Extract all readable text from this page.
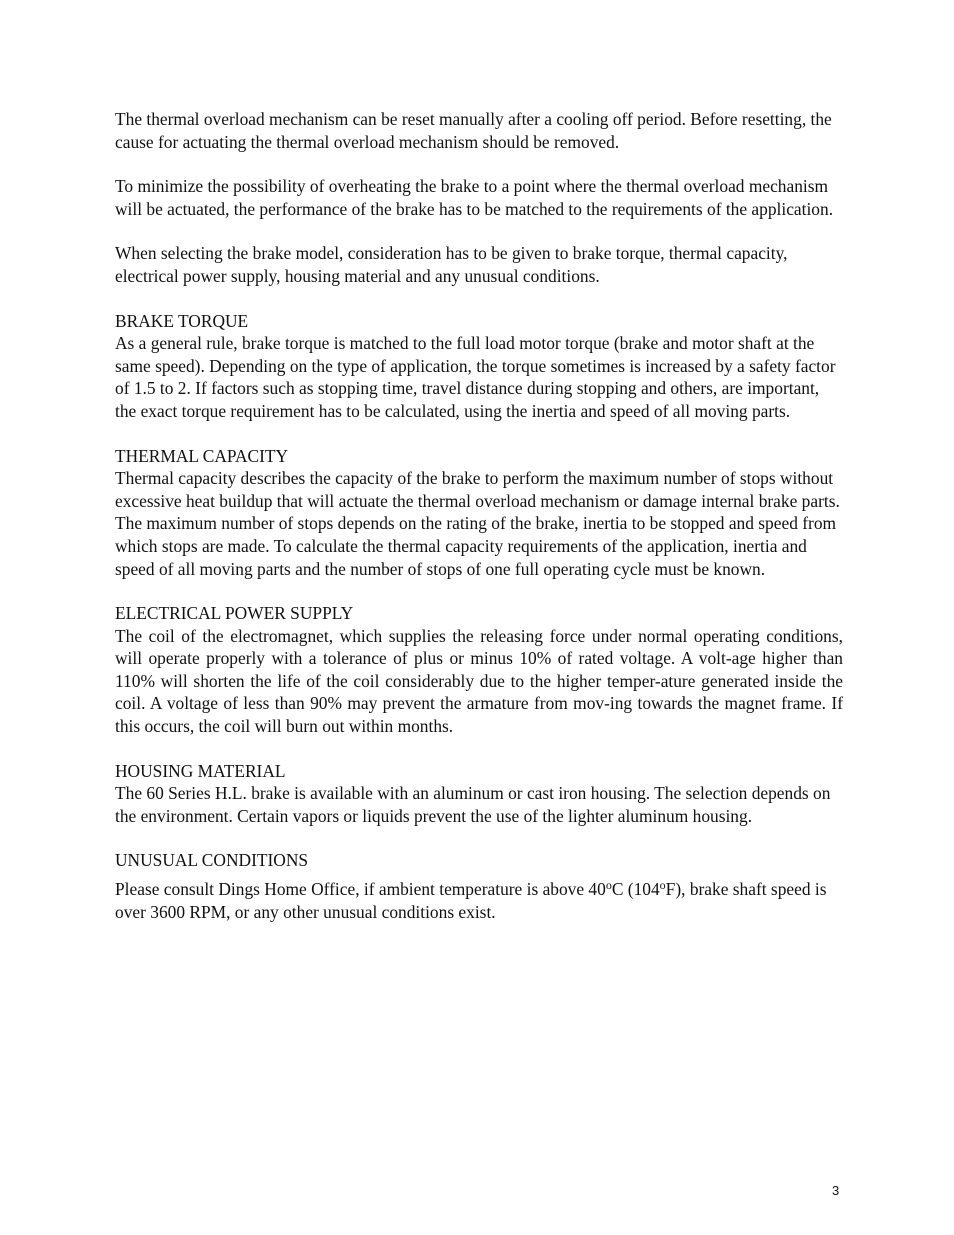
The thermal overload mechanism can be reset manually after a cooling off period. Before resetting, the cause for actuating the thermal overload mechanism should be removed.

To minimize the possibility of overheating the brake to a point where the thermal overload mechanism will be actuated, the performance of the brake has to be matched to the requirements of the application.

When selecting the brake model, consideration has to be given to brake torque, thermal capacity, electrical power supply, housing material and any unusual conditions.

BRAKE TORQUE

As a general rule, brake torque is matched to the full load motor torque (brake and motor shaft at the same speed). Depending on the type of application, the torque sometimes is increased by a safety factor of 1.5 to 2. If factors such as stopping time, travel distance during stopping and others, are important, the exact torque requirement has to be calculated, using the inertia and speed of all moving parts.

THERMAL CAPACITY

Thermal capacity describes the capacity of the brake to perform the maximum number of stops without excessive heat buildup that will actuate the thermal overload mechanism or damage internal brake parts. The maximum number of stops depends on the rating of the brake, inertia to be stopped and speed from which stops are made. To calculate the thermal capacity requirements of the application, inertia and speed of all moving parts and the number of stops of one full operating cycle must be known.

ELECTRICAL POWER SUPPLY

The coil of the electromagnet, which supplies the releasing force under normal operating conditions, will operate properly with a tolerance of plus or minus 10% of rated voltage. A volt-age higher than 110% will shorten the life of the coil considerably due to the higher temper-ature generated inside the coil. A voltage of less than 90% may prevent the armature from mov-ing towards the magnet frame. If this occurs, the coil will burn out within months.

HOUSING MATERIAL

The 60 Series H.L. brake is available with an aluminum or cast iron housing. The selection depends on the environment. Certain vapors or liquids prevent the use of the lighter aluminum housing.

UNUSUAL CONDITIONS

Please consult Dings Home Office, if ambient temperature is above 40$^o$C (104$^o$F), brake shaft speed is over 3600 RPM, or any other unusual conditions exist.

3
